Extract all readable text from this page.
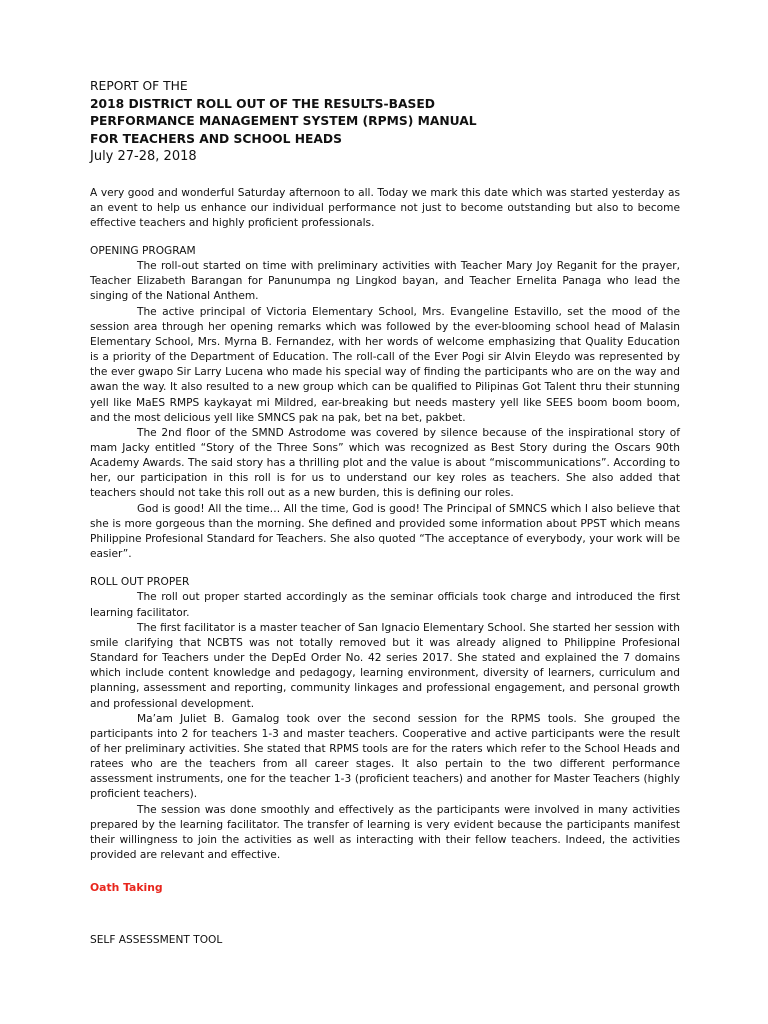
REPORT OF THE
2018 DISTRICT ROLL OUT OF THE RESULTS-BASED
PERFORMANCE MANAGEMENT SYSTEM (RPMS) MANUAL
FOR TEACHERS AND SCHOOL HEADS
July 27-28, 2018

A very good and wonderful Saturday afternoon to all. Today we mark this date which was started yesterday as an event to help us enhance our individual performance not just to become outstanding but also to become effective teachers and highly proficient professionals.

OPENING PROGRAM
The roll-out started on time with preliminary activities with Teacher Mary Joy Reganit for the prayer, Teacher Elizabeth Barangan for Panunumpa ng Lingkod bayan, and Teacher Ernelita Panaga who lead the singing of the National Anthem.
The active principal of Victoria Elementary School, Mrs. Evangeline Estavillo, set the mood of the session area through her opening remarks which was followed by the ever-blooming school head of Malasin Elementary School, Mrs. Myrna B. Fernandez, with her words of welcome emphasizing that Quality Education is a priority of the Department of Education. The roll-call of the Ever Pogi sir Alvin Eleydo was represented by the ever gwapo Sir Larry Lucena who made his special way of finding the participants who are on the way and awan the way. It also resulted to a new group which can be qualified to Pilipinas Got Talent thru their stunning yell like MaES RMPS kaykayat mi Mildred, ear-breaking but needs mastery yell like SEES boom boom boom, and the most delicious yell like SMNCS pak na pak, bet na bet, pakbet.
The 2nd floor of the SMND Astrodome was covered by silence because of the inspirational story of mam Jacky entitled “Story of the Three Sons” which was recognized as Best Story during the Oscars 90th Academy Awards. The said story has a thrilling plot and the value is about “miscommunications”. According to her, our participation in this roll is for us to understand our key roles as teachers. She also added that teachers should not take this roll out as a new burden, this is defining our roles.
God is good! All the time… All the time, God is good! The Principal of SMNCS which I also believe that she is more gorgeous than the morning. She defined and provided some information about PPST which means Philippine Profesional Standard for Teachers. She also quoted “The acceptance of everybody, your work will be easier”.
ROLL OUT PROPER
The roll out proper started accordingly as the seminar officials took charge and introduced the first learning facilitator.
The first facilitator is a master teacher of San Ignacio Elementary School. She started her session with smile clarifying that NCBTS was not totally removed but it was already aligned to Philippine Profesional Standard for Teachers under the DepEd Order No. 42 series 2017. She stated and explained the 7 domains which include content knowledge and pedagogy, learning environment, diversity of learners, curriculum and planning, assessment and reporting, community linkages and professional engagement, and personal growth and professional development.
Ma’am Juliet B. Gamalog took over the second session for the RPMS tools. She grouped the participants into 2 for teachers 1-3 and master teachers. Cooperative and active participants were the result of her preliminary activities. She stated that RPMS tools are for the raters which refer to the School Heads and ratees who are the teachers from all career stages. It also pertain to the two different performance assessment instruments, one for the teacher 1-3 (proficient teachers) and another for Master Teachers (highly proficient teachers).
The session was done smoothly and effectively as the participants were involved in many activities prepared by the learning facilitator. The transfer of learning is very evident because the participants manifest their willingness to join the activities as well as interacting with their fellow teachers. Indeed, the activities provided are relevant and effective.
Oath Taking
SELF ASSESSMENT TOOL
